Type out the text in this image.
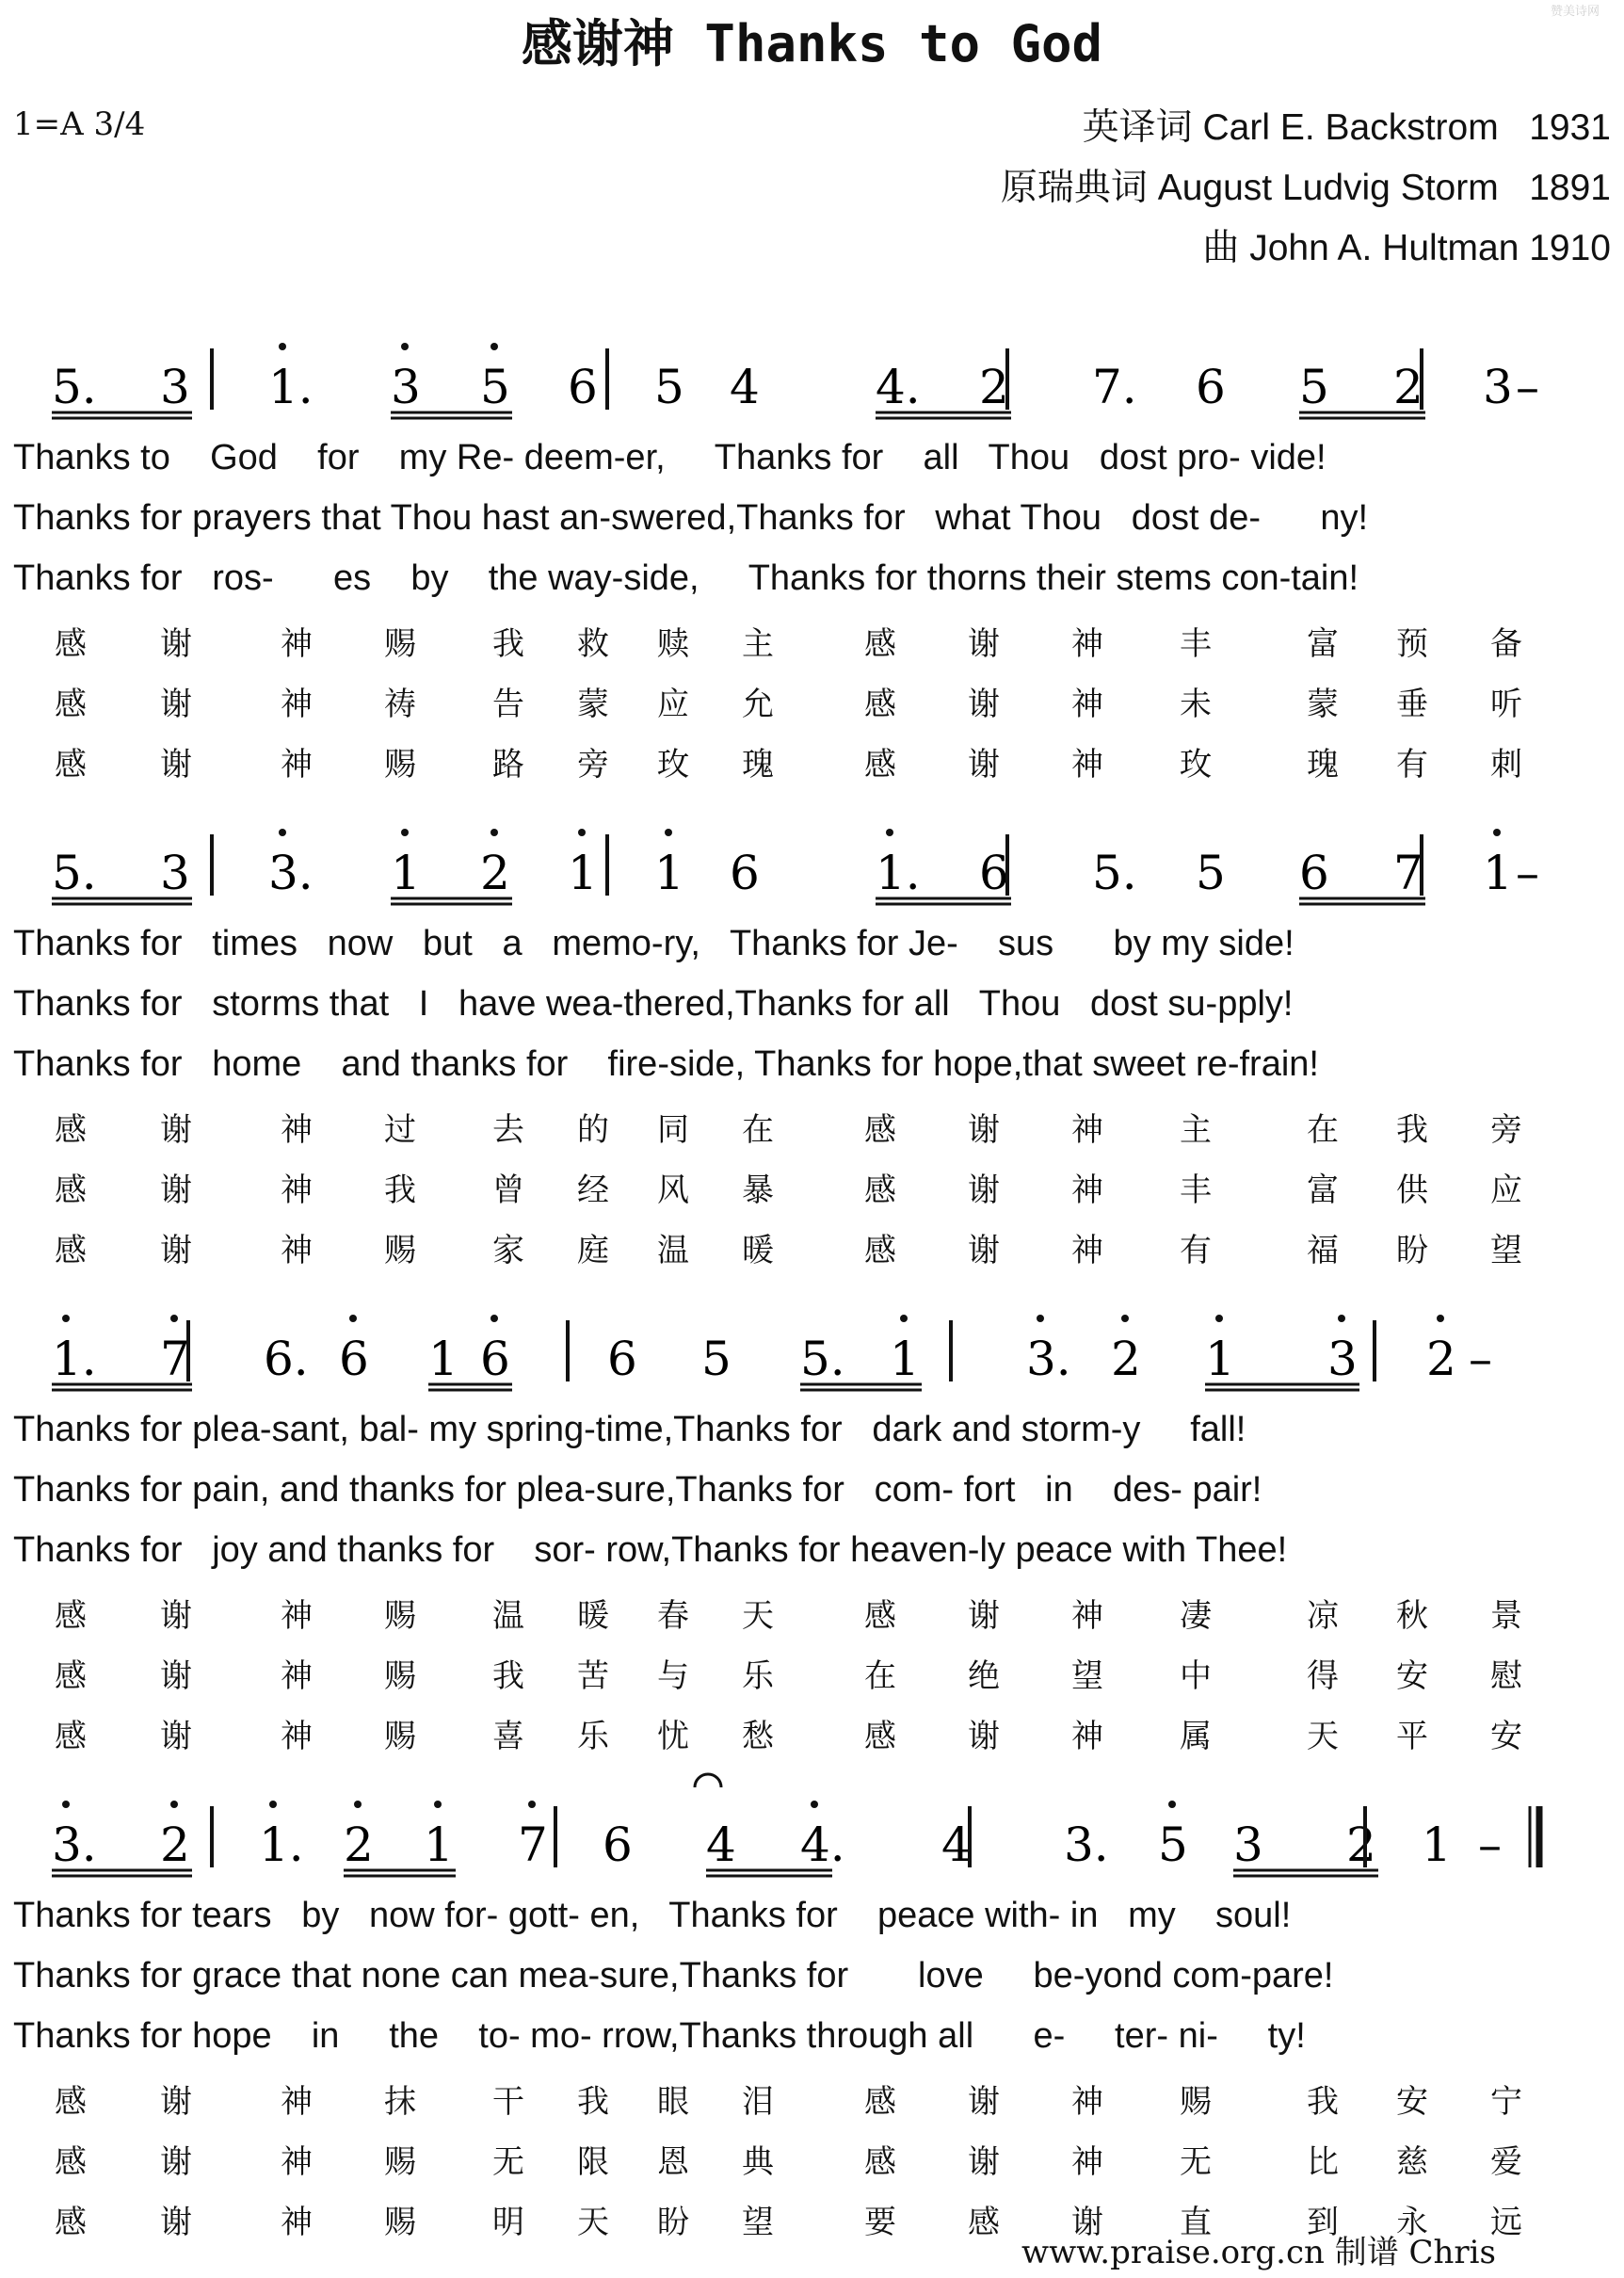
感谢神 Thanks to God
赞美诗网
1=A 3/4	英译词 Carl E. Backstrom   1931
原瑞典词 August Ludvig Storm   1891
曲 John A. Hultman 1910
5. 3 1. 3 5 6 5 4 4. 2 7. 6 5 2 3 –
Thanks to    God    for    my Re- deem-er,     Thanks for    all   Thou   dost pro- vide!
Thanks for prayers that Thou hast an-swered,Thanks for   what Thou   dost de-      ny!
Thanks for   ros-      es    by    the way-side,     Thanks for thorns their stems con-tain!
感 谢	神 赐 我 救 赎 主	感 谢 神 丰	富 预 备
感 谢	神 祷 告 蒙 应 允	感 谢 神 未	蒙 垂 听
感 谢	神 赐 路 旁 玫 瑰	感 谢 神 玫	瑰 有 刺
5. 3 3. 1 2 1 1 6 1. 6 5. 5 6 7 1 –
Thanks for   times   now   but   a   memo-ry,   Thanks for Je-    sus      by my side!
Thanks for   storms that   I   have wea-thered,Thanks for all   Thou   dost su-pply!
Thanks for   home    and thanks for    fire-side, Thanks for hope,that sweet re-frain!
感 谢	神 过 去 的 同 在	感 谢 神 主	在 我 旁
感 谢	神 我 曾 经 风 暴	感 谢 神 丰	富 供 应
感 谢	神 赐 家 庭 温 暖	感 谢 神 有	福 盼 望
1. 7 6. 6 1 6 6 5 5. 1 3. 2 1 3 2 –
Thanks for plea-sant, bal- my spring-time,Thanks for   dark and storm-y     fall!
Thanks for pain, and thanks for plea-sure,Thanks for   com- fort   in    des- pair!
Thanks for   joy and thanks for    sor- row,Thanks for heaven-ly peace with Thee!
感 谢	神 赐 温 暖 春 天	感 谢 神 凄	凉 秋 景
感 谢	神 赐 我 苦 与 乐	在 绝 望 中	得 安 慰
感 谢	神 赐 喜 乐 忧 愁	感 谢 神 属	天 平 安
3. 2 1. 2 1 7 6 4 4. 4 3. 5 3 2 1 –
Thanks for tears   by   now for- gott- en,   Thanks for    peace with- in   my    soul!
Thanks for grace that none can mea-sure,Thanks for       love     be-yond com-pare!
Thanks for hope    in     the    to- mo- rrow,Thanks through all      e-     ter- ni-     ty!
感 谢	神 抹 干 我 眼 泪	感 谢 神 赐	我 安 宁
感 谢	神 赐 无 限 恩 典	感 谢 神 无	比 慈 爱
感 谢	神 赐 明 天 盼 望	要 感 谢 直	到 永 远
www.praise.org.cn 制谱 Chris
